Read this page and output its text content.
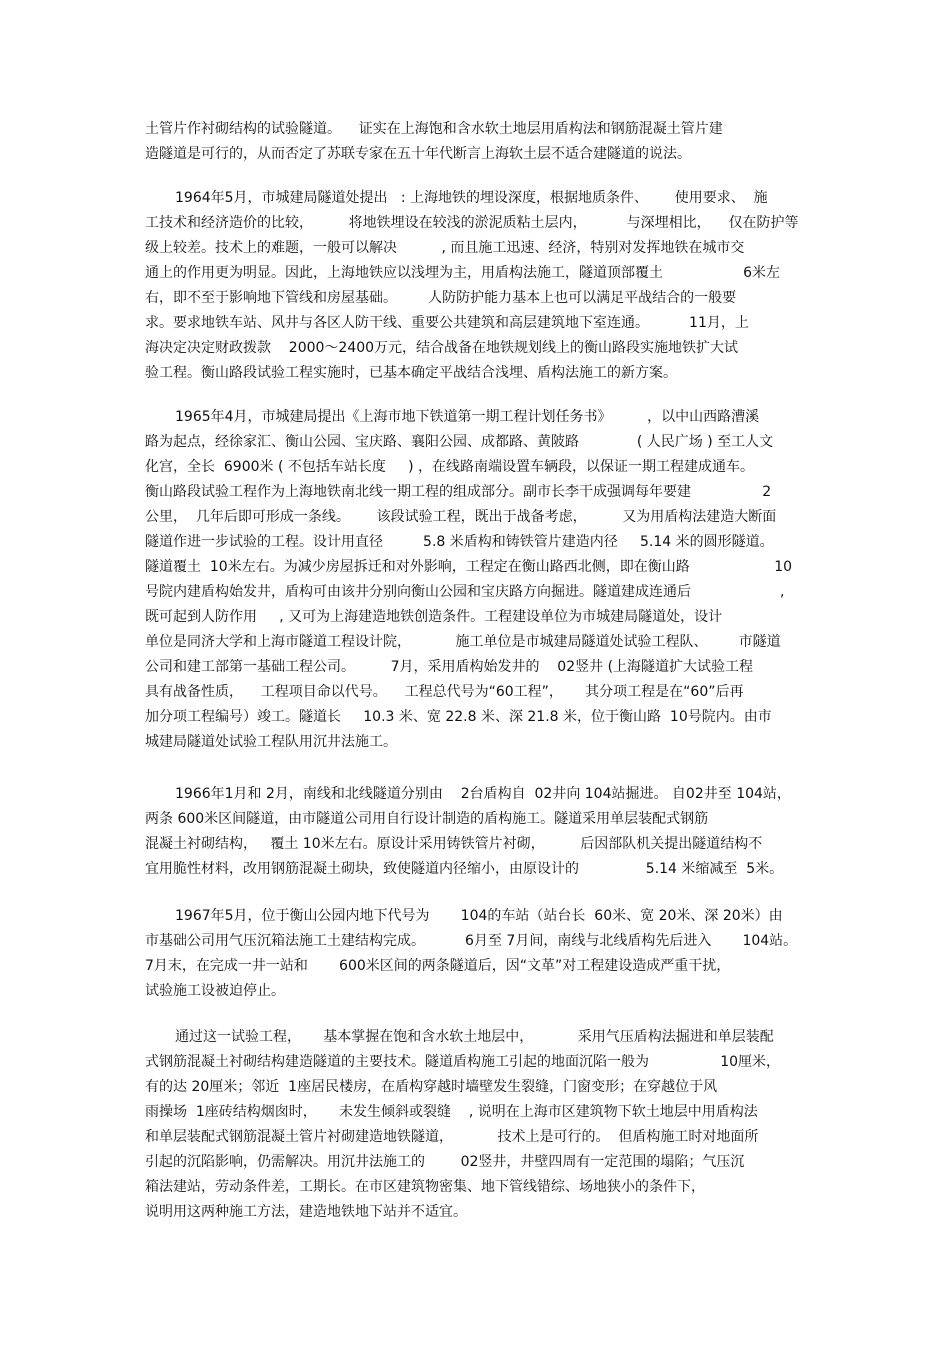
土管片作衬砌结构的试验隧道。    证实在上海饱和含水软土地层用盾构法和钢筋混凝土管片建
造隧道是可行的，从而否定了苏联专家在五十年代断言上海软土层不适合建隧道的说法。
1964年5月，市城建局隧道处提出   : 上海地铁的埋设深度，根据地质条件、      使用要求、  施
工技术和经济造价的比较，        将地铁埋设在较浅的淤泥质粘土层内，         与深埋相比，    仅在防护等
级上较差。技术上的难题，一般可以解决          , 而且施工迅速、经济，特别对发挥地铁在城市交
通上的作用更为明显。因此，上海地铁应以浅埋为主，用盾构法施工，隧道顶部覆土                  6米左
右，即不至于影响地下管线和房屋基础。       人防防护能力基本上也可以满足平战结合的一般要
求。要求地铁车站、风井与各区人防干线、重要公共建筑和高层建筑地下室连通。         11月，上
海决定决定财政拨款    2000～2400万元，结合战备在地铁规划线上的衡山路段实施地铁扩大试
验工程。衡山路段试验工程实施时，已基本确定平战结合浅埋、盾构法施工的新方案。
1965年4月，市城建局提出《上海市地下铁道第一期工程计划任务书》        ，以中山西路漕溪
路为起点，经徐家汇、衡山公园、宝庆路、襄阳公园、成都路、黄陂路             ( 人民广场 ) 至工人文
化宫，全长  6900米 ( 不包括车站长度     ) ，在线路南端设置车辆段，以保证一期工程建成通车。
衡山路段试验工程作为上海地铁南北线一期工程的组成部分。副市长李干成强调每年要建                2
公里，  几年后即可形成一条线。      该段试验工程，既出于战备考虑，        又为用盾构法建造大断面
隧道作进一步试验的工程。设计用直径         5.8 米盾构和铸铁管片建造内径     5.14 米的圆形隧道。
隧道覆土  10米左右。为减少房屋拆迁和对外影响，工程定在衡山路西北侧，即在衡山路                   10
号院内建盾构始发井，盾构可由该井分别向衡山公园和宝庆路方向掘进。隧道建成连通后                    ,
既可起到人防作用     , 又可为上海建造地铁创造条件。工程建设单位为市城建局隧道处，设计
单位是同济大学和上海市隧道工程设计院，          施工单位是市城建局隧道处试验工程队、       市隧道
公司和建工部第一基础工程公司。        7月，采用盾构始发井的    02竖井 (上海隧道扩大试验工程
具有战备性质，    工程项目命以代号。    工程总代号为“60工程”，     其分项工程是在“60”后再
加分项工程编号）竣工。隧道长     10.3 米、宽 22.8 米、深 21.8 米，位于衡山路  10号院内。由市
城建局隧道处试验工程队用沉井法施工。
1966年1月和 2月，南线和北线隧道分别由    2台盾构自  02井向 104站掘进。 自02井至 104站，
两条 600米区间隧道，由市隧道公司用自行设计制造的盾构施工。隧道采用单层装配式钢筋
混凝土衬砌结构，   覆土 10米左右。原设计采用铸铁管片衬砌，        后因部队机关提出隧道结构不
宜用脆性材料，改用钢筋混凝土砌块，致使隧道内径缩小，由原设计的               5.14 米缩减至  5米。
1967年5月，位于衡山公园内地下代号为       104的车站（站台长  60米、宽 20米、深 20米）由
市基础公司用气压沉箱法施工土建结构完成。         6月至 7月间，南线与北线盾构先后进入       104站。
7月末，在完成一井一站和       600米区间的两条隧道后，因“文革”对工程建设造成严重干扰，
试验施工设被迫停止。
通过这一试验工程，     基本掌握在饱和含水软土地层中，          采用气压盾构法掘进和单层装配
式钢筋混凝土衬砌结构建造隧道的主要技术。隧道盾构施工引起的地面沉陷一般为                10厘米，
有的达 20厘米；邻近  1座居民楼房，在盾构穿越时墙壁发生裂缝，门窗变形；在穿越位于风
雨操场  1座砖结构烟囱时，     未发生倾斜或裂缝    , 说明在上海市区建筑物下软土地层中用盾构法
和单层装配式钢筋混凝土管片衬砌建造地铁隧道，          技术上是可行的。  但盾构施工时对地面所
引起的沉陷影响，仍需解决。用沉井法施工的        02竖井，井壁四周有一定范围的塌陷；气压沉
箱法建站，劳动条件差，工期长。在市区建筑物密集、地下管线错综、场地狭小的条件下，
说明用这两种施工方法，建造地铁地下站并不适宜。
